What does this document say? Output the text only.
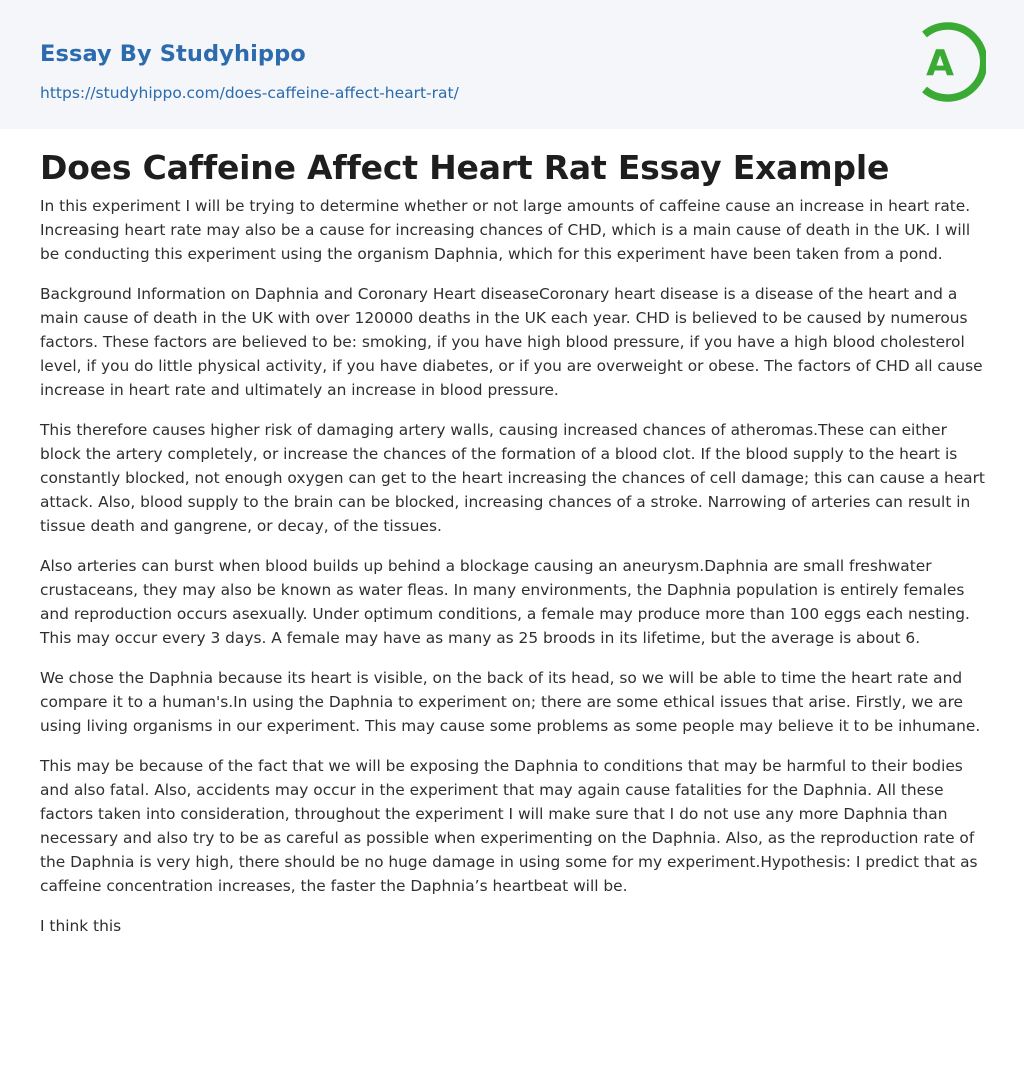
Essay By Studyhippo
https://studyhippo.com/does-caffeine-affect-heart-rat/
A
Does Caffeine Affect Heart Rat Essay Example

In this experiment I will be trying to determine whether or not large amounts of caffeine cause an increase in heart rate. Increasing heart rate may also be a cause for increasing chances of CHD, which is a main cause of death in the UK. I will be conducting this experiment using the organism Daphnia, which for this experiment have been taken from a pond.

Background Information on Daphnia and Coronary Heart diseaseCoronary heart disease is a disease of the heart and a main cause of death in the UK with over 120000 deaths in the UK each year. CHD is believed to be caused by numerous factors. These factors are believed to be: smoking, if you have high blood pressure, if you have a high blood cholesterol level, if you do little physical activity, if you have diabetes, or if you are overweight or obese. The factors of CHD all cause increase in heart rate and ultimately an increase in blood pressure.

This therefore causes higher risk of damaging artery walls, causing increased chances of atheromas.These can either block the artery completely, or increase the chances of the formation of a blood clot. If the blood supply to the heart is constantly blocked, not enough oxygen can get to the heart increasing the chances of cell damage; this can cause a heart attack. Also, blood supply to the brain can be blocked, increasing chances of a stroke. Narrowing of arteries can result in tissue death and gangrene, or decay, of the tissues.

Also arteries can burst when blood builds up behind a blockage causing an aneurysm.Daphnia are small freshwater crustaceans, they may also be known as water fleas. In many environments, the Daphnia population is entirely females and reproduction occurs asexually. Under optimum conditions, a female may produce more than 100 eggs each nesting. This may occur every 3 days. A female may have as many as 25 broods in its lifetime, but the average is about 6.

We chose the Daphnia because its heart is visible, on the back of its head, so we will be able to time the heart rate and compare it to a human's.In using the Daphnia to experiment on; there are some ethical issues that arise. Firstly, we are using living organisms in our experiment. This may cause some problems as some people may believe it to be inhumane.

This may be because of the fact that we will be exposing the Daphnia to conditions that may be harmful to their bodies and also fatal. Also, accidents may occur in the experiment that may again cause fatalities for the Daphnia. All these factors taken into consideration, throughout the experiment I will make sure that I do not use any more Daphnia than necessary and also try to be as careful as possible when experimenting on the Daphnia. Also, as the reproduction rate of the Daphnia is very high, there should be no huge damage in using some for my experiment.Hypothesis: I predict that as caffeine concentration increases, the faster the Daphnia’s heartbeat will be.

I think this
